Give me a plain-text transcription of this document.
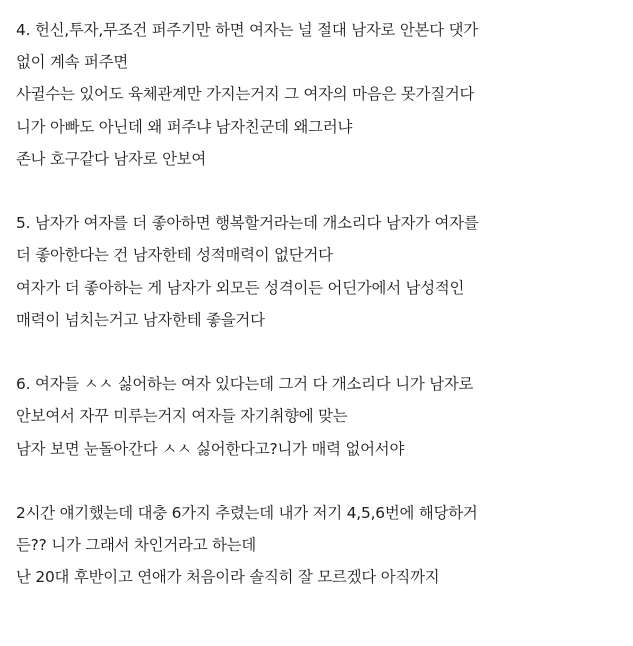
4. 헌신,투자,무조건 퍼주기만 하면 여자는 널 절대 남자로 안본다 댓가
없이 계속 퍼주면
사귈수는 있어도 육체관계만 가지는거지 그 여자의 마음은 못가질거다
니가 아빠도 아닌데 왜 퍼주냐 남자친군데 왜그러냐
존나 호구같다 남자로 안보여
5. 남자가 여자를 더 좋아하면 행복할거라는데 개소리다 남자가 여자를
더 좋아한다는 건 남자한테 성적매력이 없단거다
여자가 더 좋아하는 게 남자가 외모든 성격이든 어딘가에서 남성적인
매력이 넘치는거고 남자한테 좋을거다
6. 여자들 ㅅㅅ 싫어하는 여자 있다는데 그거 다 개소리다 니가 남자로
안보여서 자꾸 미루는거지 여자들 자기취향에 맞는
남자 보면 눈돌아간다 ㅅㅅ 싫어한다고?니가 매력 없어서야
2시간 얘기했는데 대충 6가지 추렸는데 내가 저기 4,5,6번에 해당하거
든?? 니가 그래서 차인거라고 하는데
난 20대 후반이고 연애가 처음이라 솔직히 잘 모르겠다 아직까지
